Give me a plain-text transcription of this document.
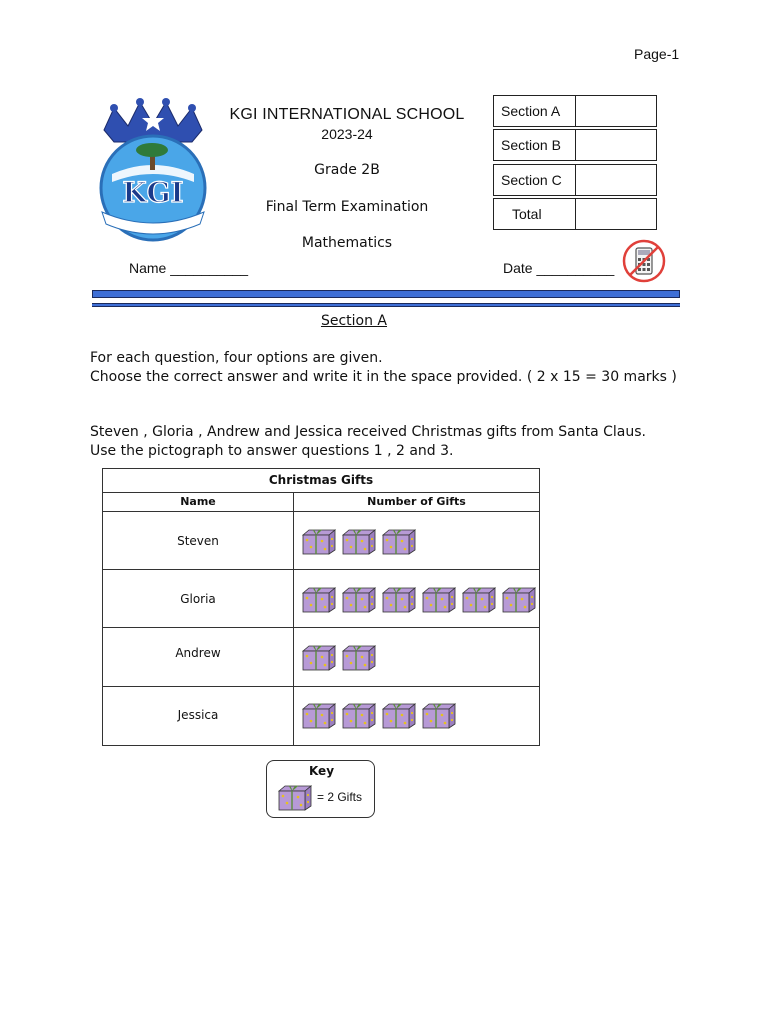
Page-1
KGI
KGI INTERNATIONAL SCHOOL
2023-24
Grade 2B
Final Term Examination
Mathematics
Section A
Section B
Section C
Total
Name __________	Date __________
Section A
For each question, four options are given.
Choose the correct answer and write it in the space provided. ( 2 x 15 = 30 marks )
Steven , Gloria , Andrew and Jessica received Christmas gifts from Santa Claus.
Use the pictograph to answer questions 1 , 2 and 3.
Christmas Gifts
Name	Number of Gifts
Steven
Gloria
Andrew
Jessica
Key
= 2 Gifts
